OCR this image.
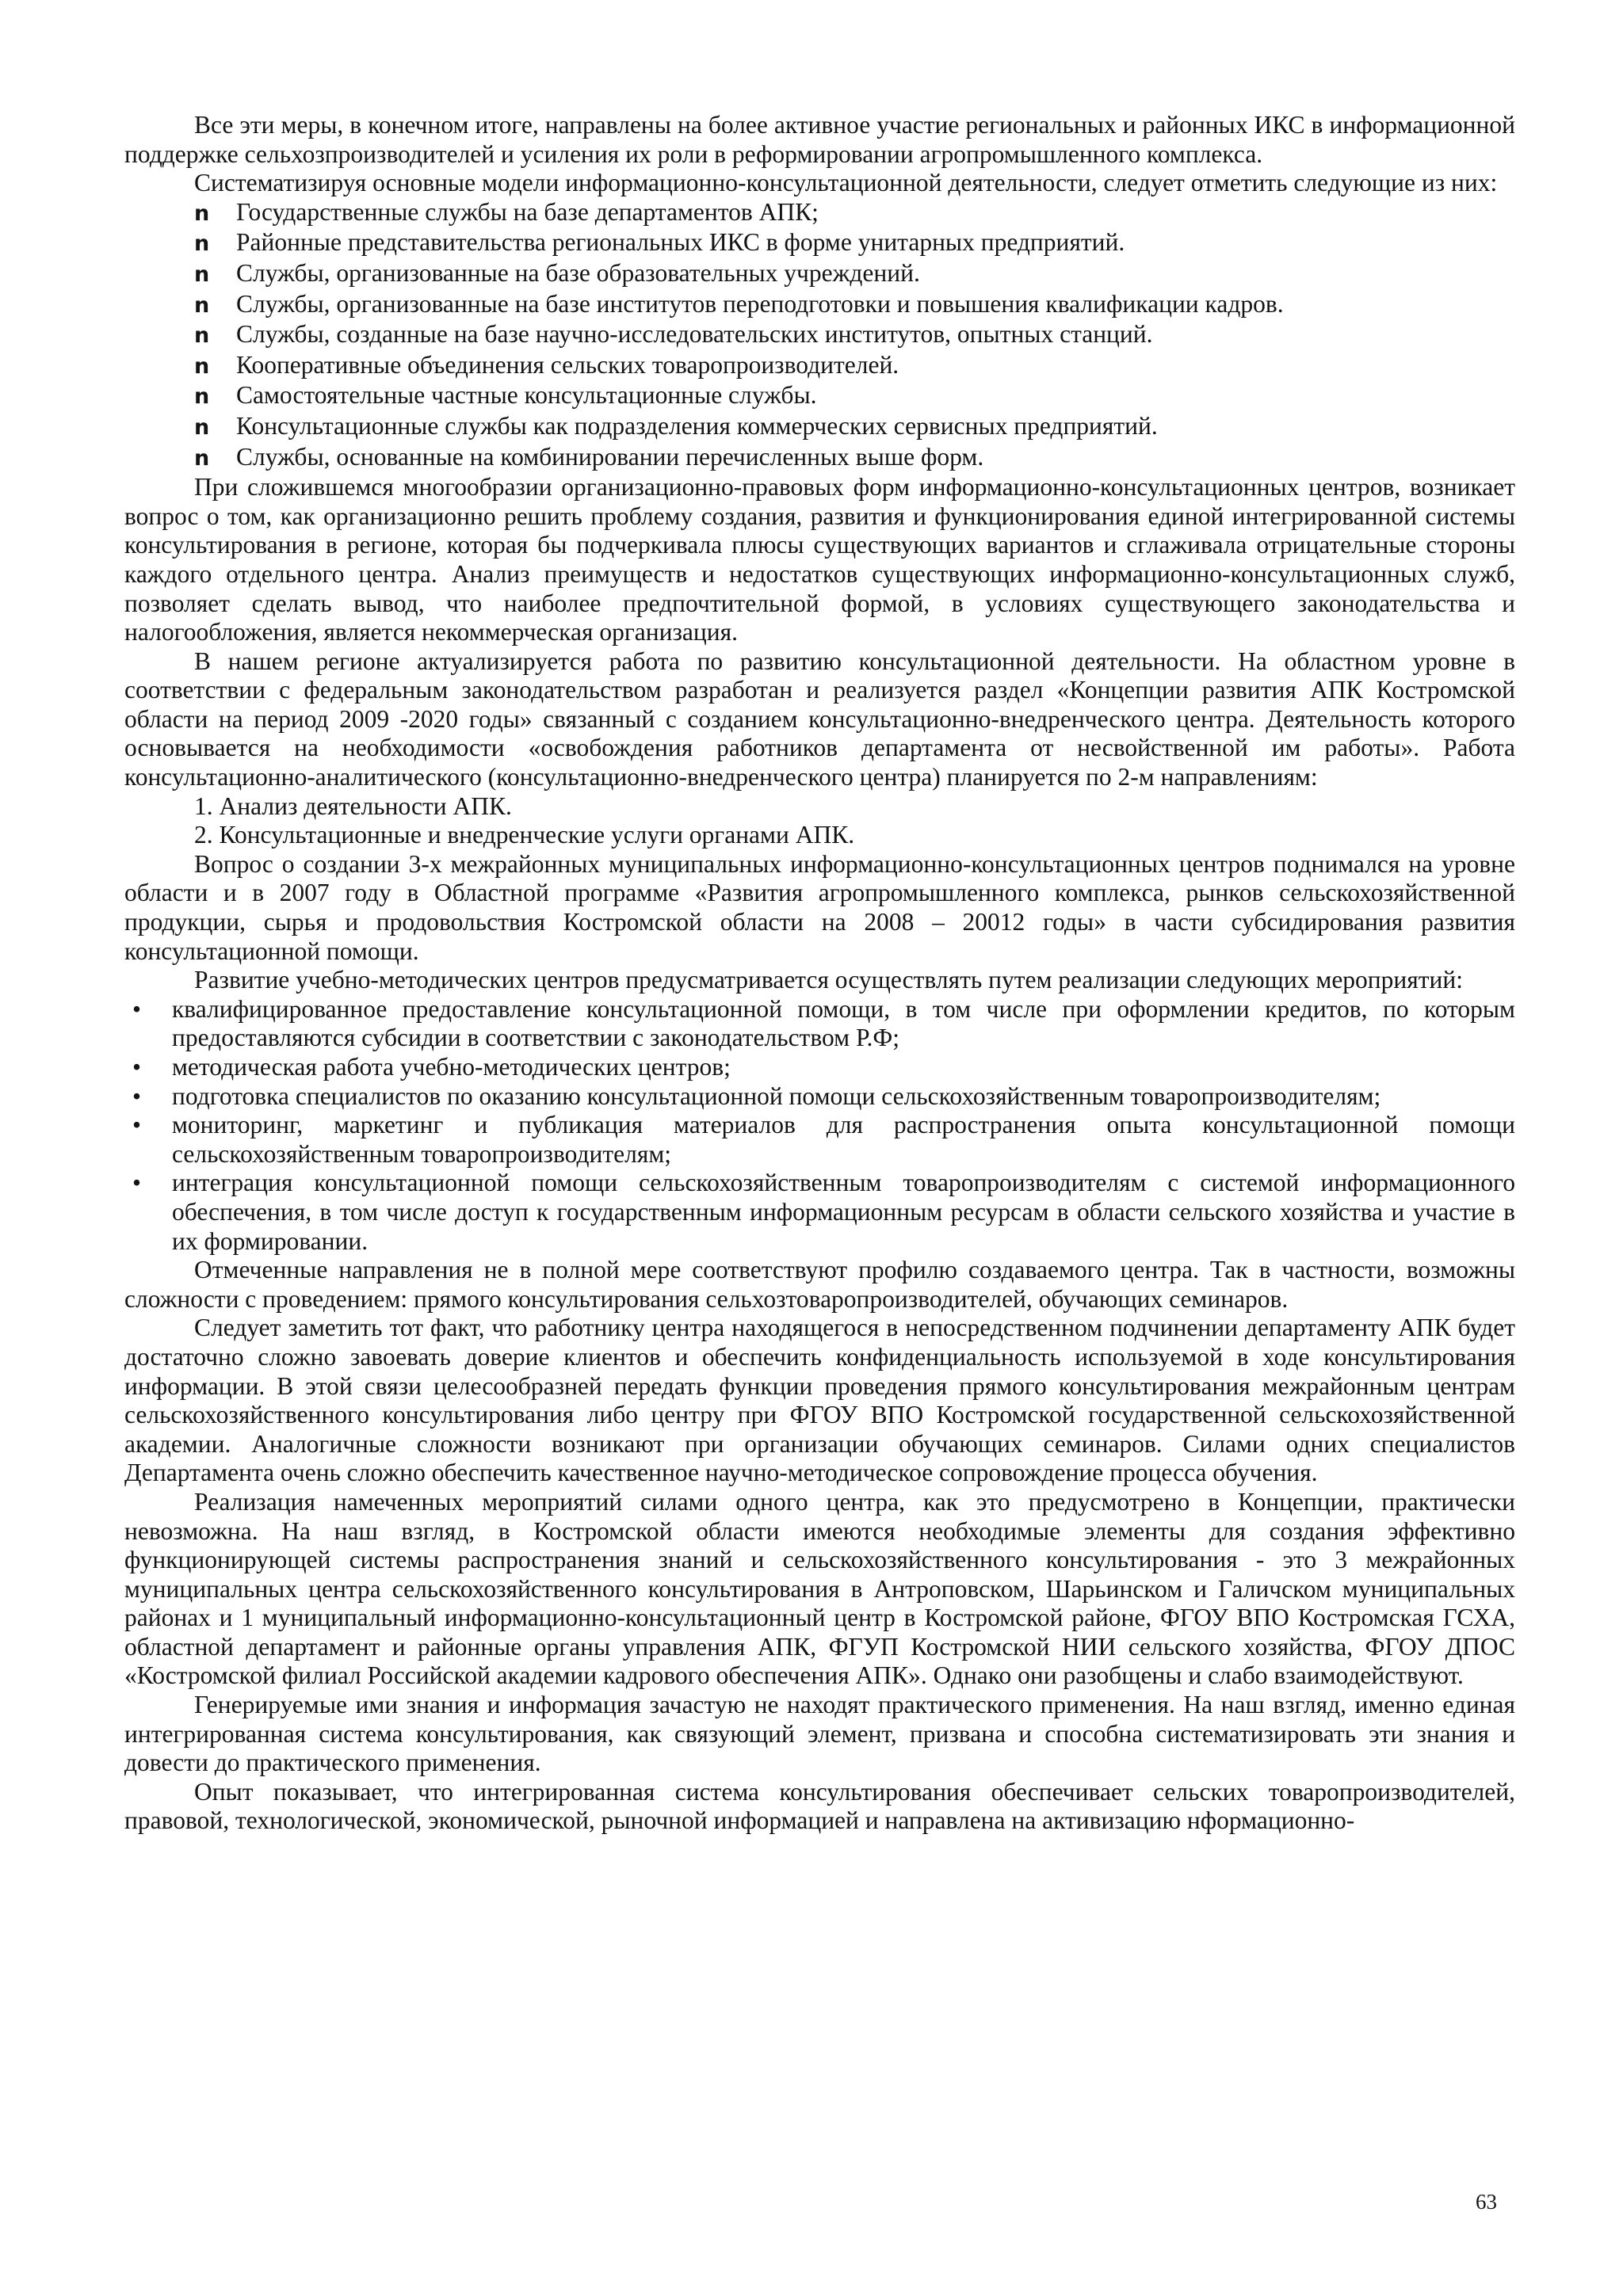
Все эти меры, в конечном итоге, направлены на более активное участие региональных и районных ИКС в информационной поддержке сельхозпроизводителей и усиления их роли в реформировании агропромышленного комплекса.

Систематизируя основные модели информационно-консультационной деятельности, следует отметить следующие из них:

n	Государственные службы на базе департаментов АПК;
n	Районные представительства региональных ИКС в форме унитарных предприятий.
n	Службы, организованные на базе образовательных учреждений.
n	Службы, организованные на базе институтов переподготовки и повышения квалификации кадров.
n	Службы, созданные на базе научно-исследовательских институтов, опытных станций.
n	Кооперативные объединения сельских товаропроизводителей.
n	Самостоятельные частные консультационные службы.
n	Консультационные службы как подразделения коммерческих сервисных предприятий.
n	Службы, основанные на комбинировании перечисленных выше форм.

При сложившемся многообразии организационно-правовых форм информационно-консультационных центров, возникает вопрос о том, как организационно решить проблему создания, развития и функционирования единой интегрированной системы консультирования в регионе, которая бы подчеркивала плюсы существующих вариантов и сглаживала отрицательные стороны каждого отдельного центра. Анализ преимуществ и недостатков существующих информационно-консультационных служб, позволяет сделать вывод, что наиболее предпочтительной формой, в условиях существующего законодательства и налогообложения, является некоммерческая организация.

В нашем регионе актуализируется работа по развитию консультационной деятельности. На областном уровне в соответствии с федеральным законодательством разработан и реализуется раздел «Концепции развития АПК Костромской области на период 2009 -2020 годы» связанный с созданием консультационно-внедренческого центра. Деятельность которого основывается на необходимости «освобождения работников департамента от несвойственной им работы». Работа консультационно-аналитического (консультационно-внедренческого центра) планируется по 2-м направлениям:

1. Анализ деятельности АПК.
2. Консультационные и внедренческие услуги органами АПК.

Вопрос о создании 3-х межрайонных муниципальных информационно-консультационных центров поднимался на уровне области и в 2007 году в Областной программе «Развития агропромышленного комплекса, рынков сельскохозяйственной продукции, сырья и продовольствия Костромской области на 2008 – 20012 годы» в части субсидирования развития консультационной помощи.

Развитие учебно-методических центров предусматривается осуществлять путем реализации следующих мероприятий:

•	квалифицированное предоставление консультационной помощи, в том числе при оформлении кредитов, по которым предоставляются субсидии в соответствии с законодательством Р.Ф;
•	методическая работа учебно-методических центров;
•	подготовка специалистов по оказанию консультационной помощи сельскохозяйственным товаропроизводителям;
•	мониторинг, маркетинг и публикация материалов для распространения опыта консультационной помощи сельскохозяйственным товаропроизводителям;
•	интеграция консультационной помощи сельскохозяйственным товаропроизводителям с системой информационного обеспечения, в том числе доступ к государственным информационным ресурсам в области сельского хозяйства и участие в их формировании.

Отмеченные направления не в полной мере соответствуют профилю создаваемого центра. Так в частности, возможны сложности с проведением: прямого консультирования сельхозтоваропроизводителей, обучающих семинаров.

Следует заметить тот факт, что работнику центра находящегося в непосредственном подчинении департаменту АПК будет достаточно сложно завоевать доверие клиентов и обеспечить конфиденциальность используемой в ходе консультирования информации. В этой связи целесообразней передать функции проведения прямого консультирования межрайонным центрам сельскохозяйственного консультирования либо центру при ФГОУ ВПО Костромской государственной сельскохозяйственной академии. Аналогичные сложности возникают при организации обучающих семинаров. Силами одних специалистов Департамента очень сложно обеспечить качественное научно-методическое сопровождение процесса обучения.

Реализация намеченных мероприятий силами одного центра, как это предусмотрено в Концепции, практически невозможна. На наш взгляд, в Костромской области имеются необходимые элементы для создания эффективно функционирующей системы распространения знаний и сельскохозяйственного консультирования - это 3 межрайонных муниципальных центра сельскохозяйственного консультирования в Антроповском, Шарьинском и Галичском муниципальных районах и 1 муниципальный информационно-консультационный центр в Костромской районе, ФГОУ ВПО Костромская ГСХА, областной департамент и районные органы управления АПК, ФГУП Костромской НИИ сельского хозяйства, ФГОУ ДПОС «Костромской филиал Российской академии кадрового обеспечения АПК». Однако они разобщены и слабо взаимодействуют.

Генерируемые ими знания и информация зачастую не находят практического применения. На наш взгляд, именно единая интегрированная система консультирования, как связующий элемент, призвана и способна систематизировать эти знания и довести до практического применения.

Опыт показывает, что интегрированная система консультирования обеспечивает сельских товаропроизводителей, правовой, технологической, экономической, рыночной информацией и направлена на активизацию нформационно-

63
